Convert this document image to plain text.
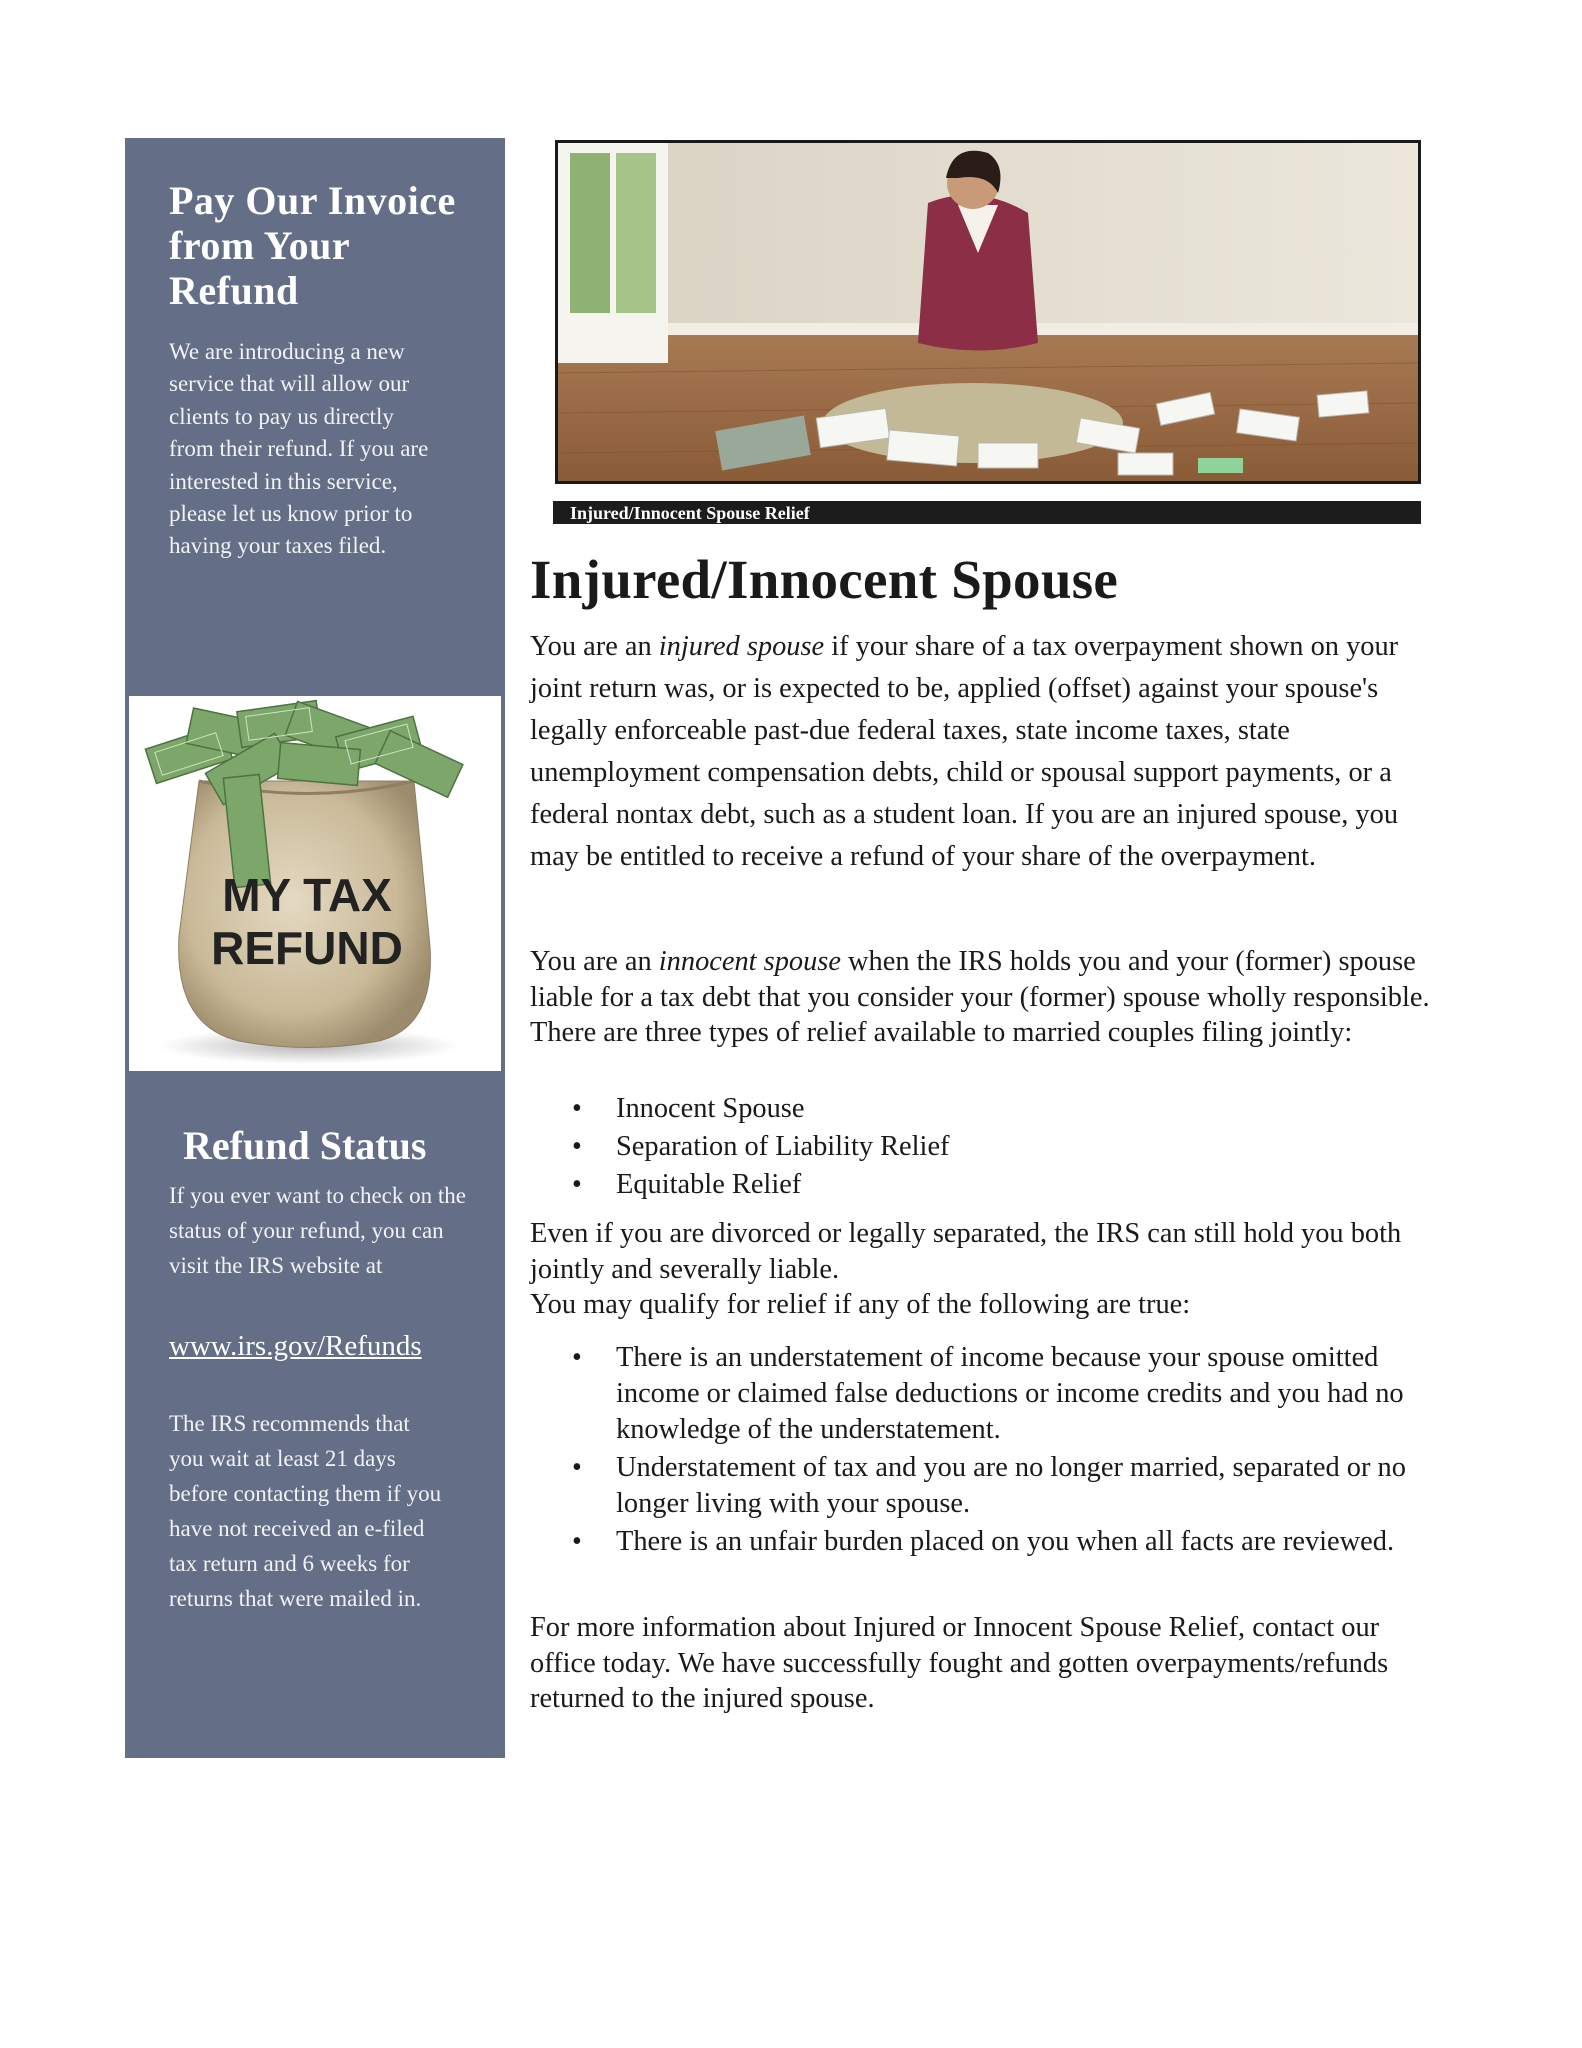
Pay Our Invoice from Your Refund

We are introducing a new service that will allow our clients to pay us directly from their refund. If you are interested in this service, please let us know prior to having your taxes filed.

MY TAX
REFUND
Refund Status

If you ever want to check on the status of your refund, you can visit the IRS website at

www.irs.gov/Refunds

The IRS recommends that you wait at least 21 days before contacting them if you have not received an e-filed tax return and 6 weeks for returns that were mailed in.

Injured/Innocent Spouse Relief
Injured/Innocent Spouse

You are an injured spouse if your share of a tax overpayment shown on your joint return was, or is expected to be, applied (offset) against your spouse's legally enforceable past-due federal taxes, state income taxes, state unemployment compensation debts, child or spousal support payments, or a federal nontax debt, such as a student loan. If you are an injured spouse, you may be entitled to receive a refund of your share of the overpayment.

You are an innocent spouse when the IRS holds you and your (former) spouse liable for a tax debt that you consider your (former) spouse wholly responsible.
There are three types of relief available to married couples filing jointly:

• Innocent Spouse
• Separation of Liability Relief
• Equitable Relief

Even if you are divorced or legally separated, the IRS can still hold you both jointly and severally liable.
You may qualify for relief if any of the following are true:

• There is an understatement of income because your spouse omitted income or claimed false deductions or income credits and you had no knowledge of the understatement.
• Understatement of tax and you are no longer married, separated or no longer living with your spouse.
• There is an unfair burden placed on you when all facts are reviewed.

For more information about Injured or Innocent Spouse Relief, contact our office today. We have successfully fought and gotten overpayments/refunds returned to the injured spouse.
